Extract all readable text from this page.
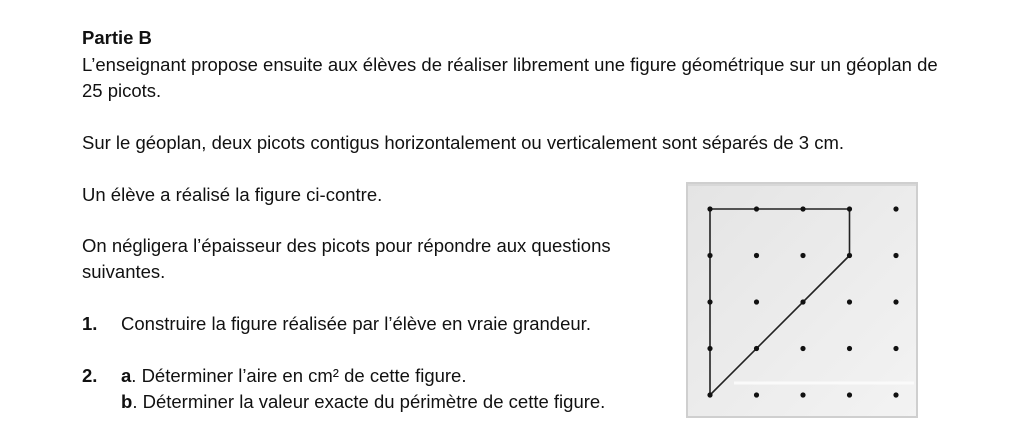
Partie B

L’enseignant propose ensuite aux élèves de réaliser librement une figure géométrique sur un géoplan de 25 picots.

Sur le géoplan, deux picots contigus horizontalement ou verticalement sont séparés de 3 cm.

Un élève a réalisé la figure ci-contre.

On négligera l’épaisseur des picots pour répondre aux questions suivantes.

1. Construire la figure réalisée par l’élève en vraie grandeur.
2. a. Déterminer l’aire en cm² de cette figure.
b. Déterminer la valeur exacte du périmètre de cette figure.
